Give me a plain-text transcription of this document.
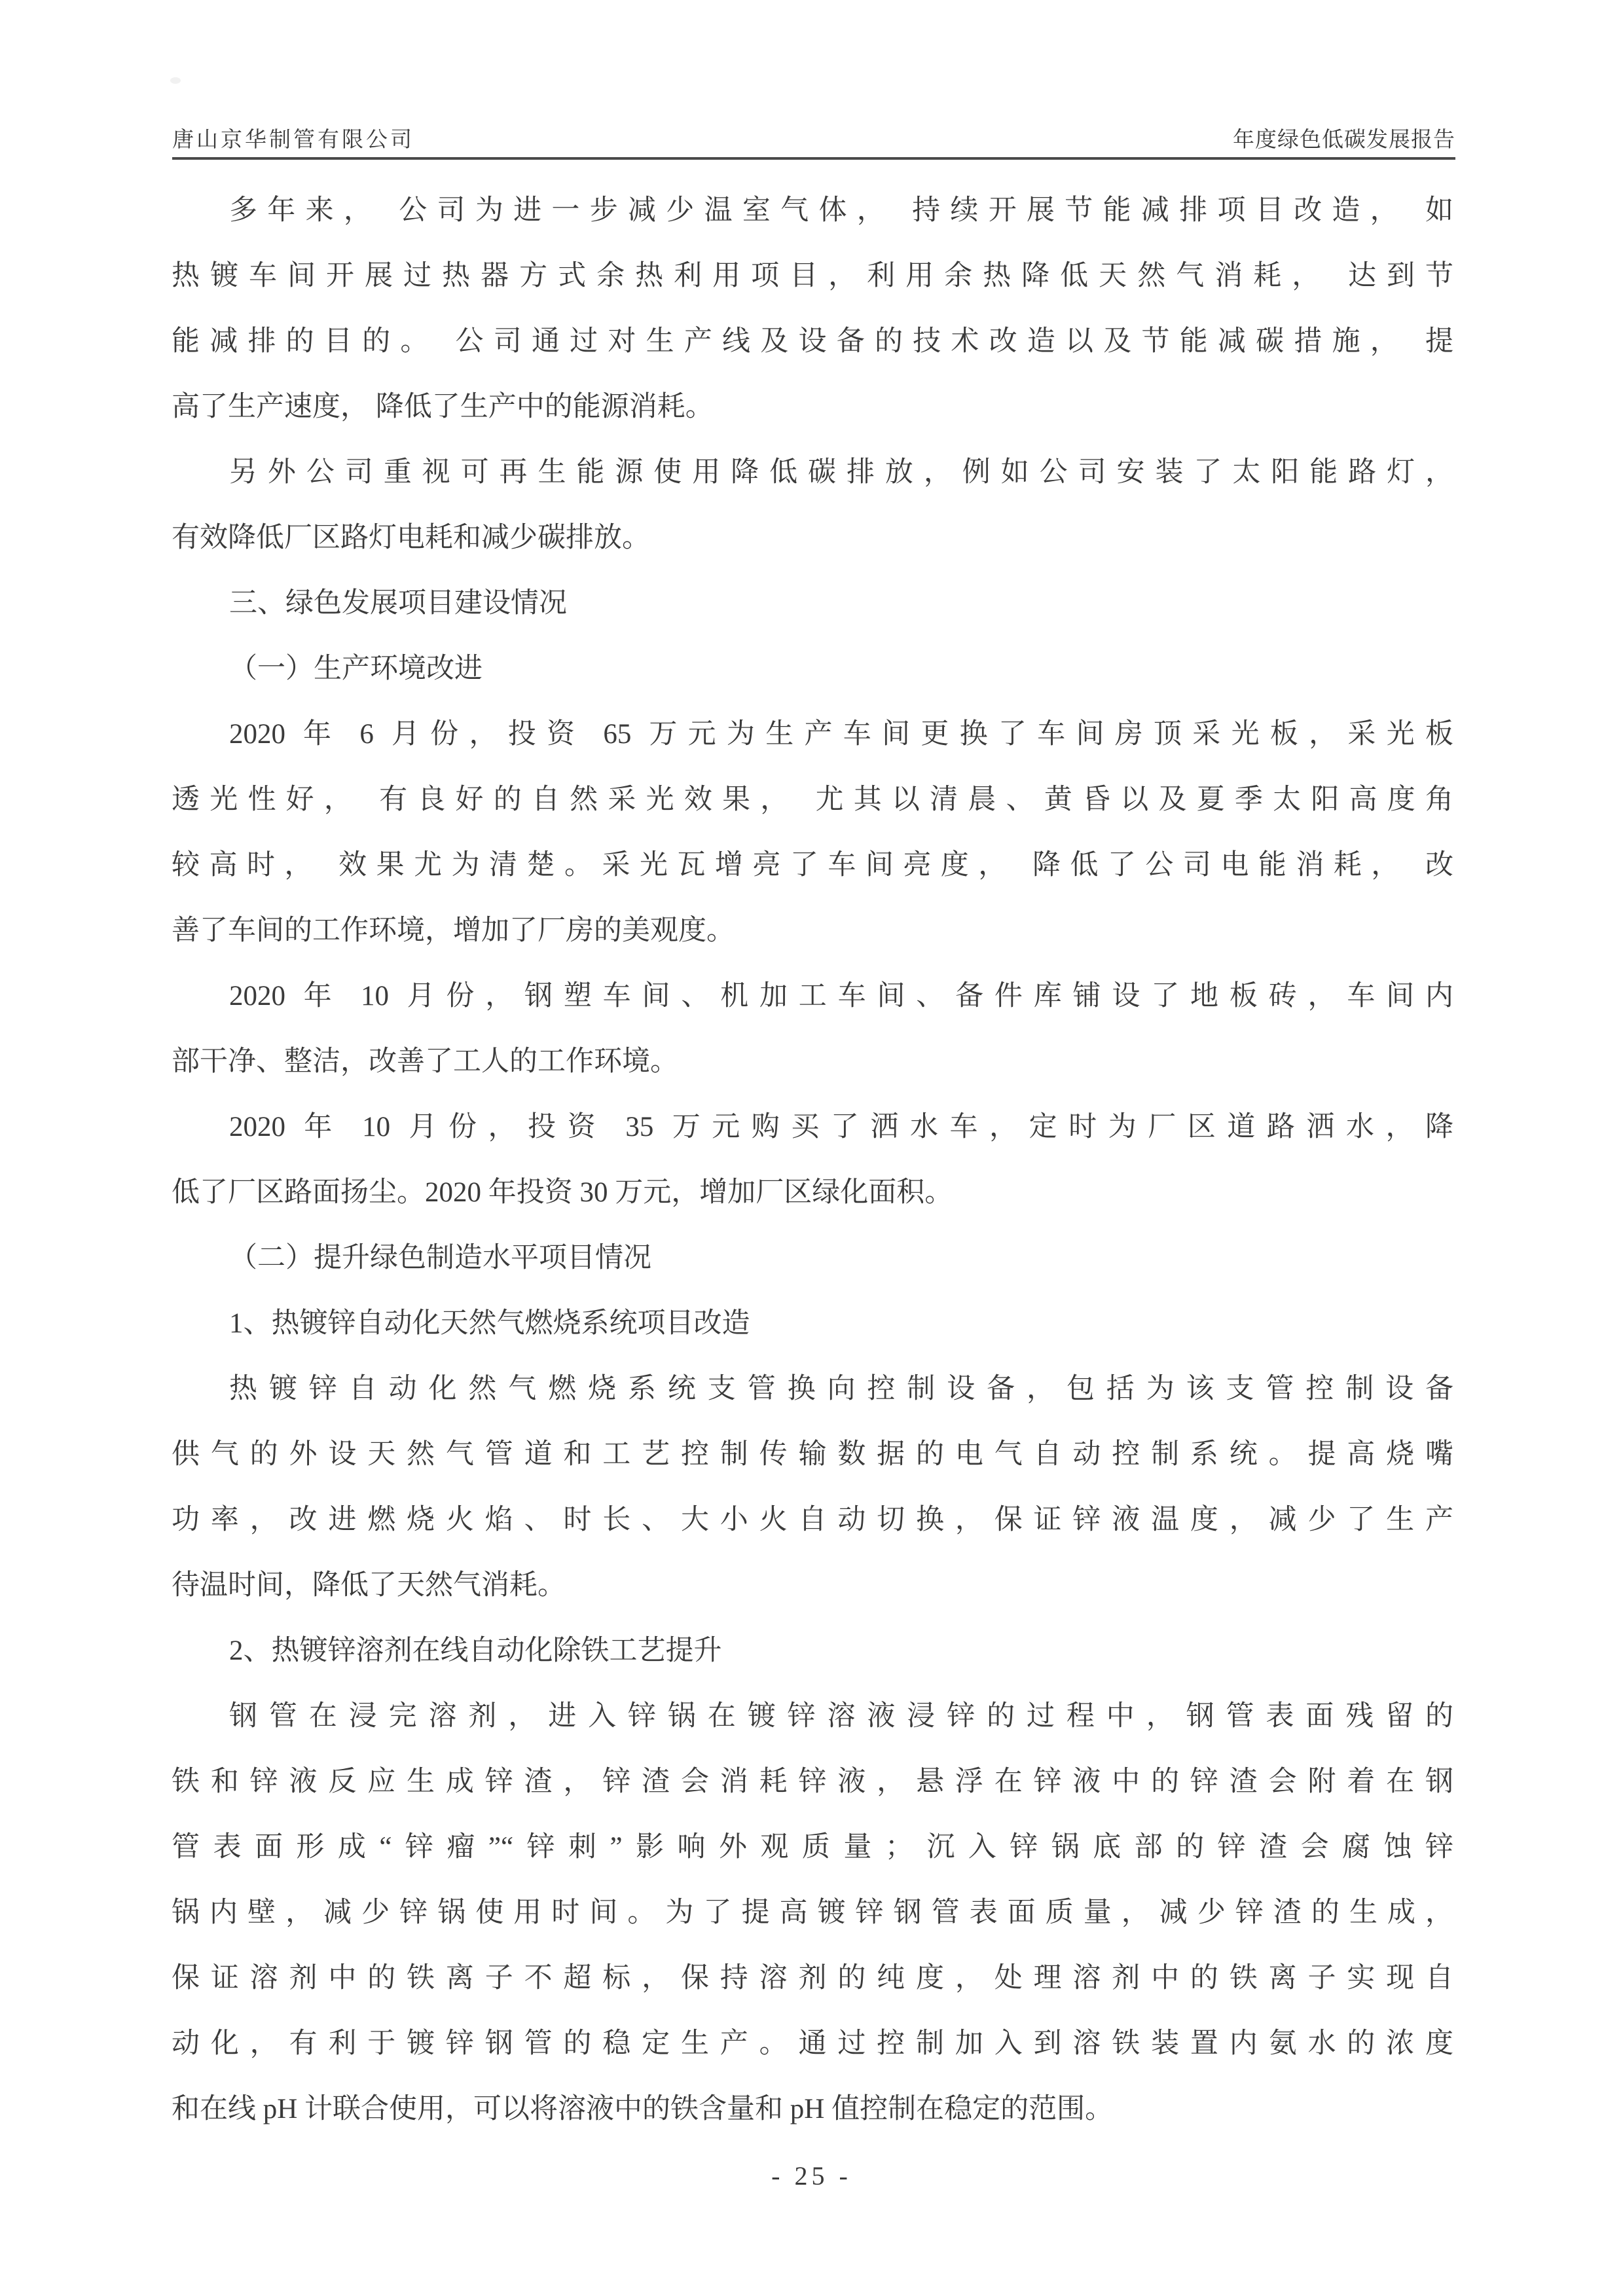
唐山京华制管有限公司	年度绿色低碳发展报告
多年来， 公司为进一步减少温室气体， 持续开展节能减排项目改造， 如
热镀车间开展过热器方式余热利用项目，利用余热降低天然气消耗， 达到节
能减排的目的。 公司通过对生产线及设备的技术改造以及节能减碳措施， 提
高了生产速度， 降低了生产中的能源消耗。
另外公司重视可再生能源使用降低碳排放，例如公司安装了太阳能路灯，
有效降低厂区路灯电耗和减少碳排放。
三、绿色发展项目建设情况
（一）生产环境改进
2020 年 6 月份，投资 65 万元为生产车间更换了车间房顶采光板，采光板
透光性好， 有良好的自然采光效果， 尤其以清晨、黄昏以及夏季太阳高度角
较高时， 效果尤为清楚。采光瓦增亮了车间亮度， 降低了公司电能消耗， 改
善了车间的工作环境，增加了厂房的美观度。
2020 年 10 月份，钢塑车间、机加工车间、备件库铺设了地板砖，车间内
部干净、整洁，改善了工人的工作环境。
2020 年 10 月份，投资 35 万元购买了洒水车，定时为厂区道路洒水，降
低了厂区路面扬尘。2020 年投资 30 万元，增加厂区绿化面积。
（二）提升绿色制造水平项目情况
1、热镀锌自动化天然气燃烧系统项目改造
热镀锌自动化然气燃烧系统支管换向控制设备，包括为该支管控制设备
供气的外设天然气管道和工艺控制传输数据的电气自动控制系统。提高烧嘴
功率，改进燃烧火焰、时长、大小火自动切换，保证锌液温度，减少了生产
待温时间，降低了天然气消耗。
2、热镀锌溶剂在线自动化除铁工艺提升
钢管在浸完溶剂，进入锌锅在镀锌溶液浸锌的过程中，钢管表面残留的
铁和锌液反应生成锌渣，锌渣会消耗锌液，悬浮在锌液中的锌渣会附着在钢
管表面形成“锌瘤”“锌刺”影响外观质量；沉入锌锅底部的锌渣会腐蚀锌
锅内壁，减少锌锅使用时间。为了提高镀锌钢管表面质量，减少锌渣的生成，
保证溶剂中的铁离子不超标，保持溶剂的纯度，处理溶剂中的铁离子实现自
动化，有利于镀锌钢管的稳定生产。通过控制加入到溶铁装置内氨水的浓度
和在线 pH 计联合使用，可以将溶液中的铁含量和 pH 值控制在稳定的范围。
- 25 -
